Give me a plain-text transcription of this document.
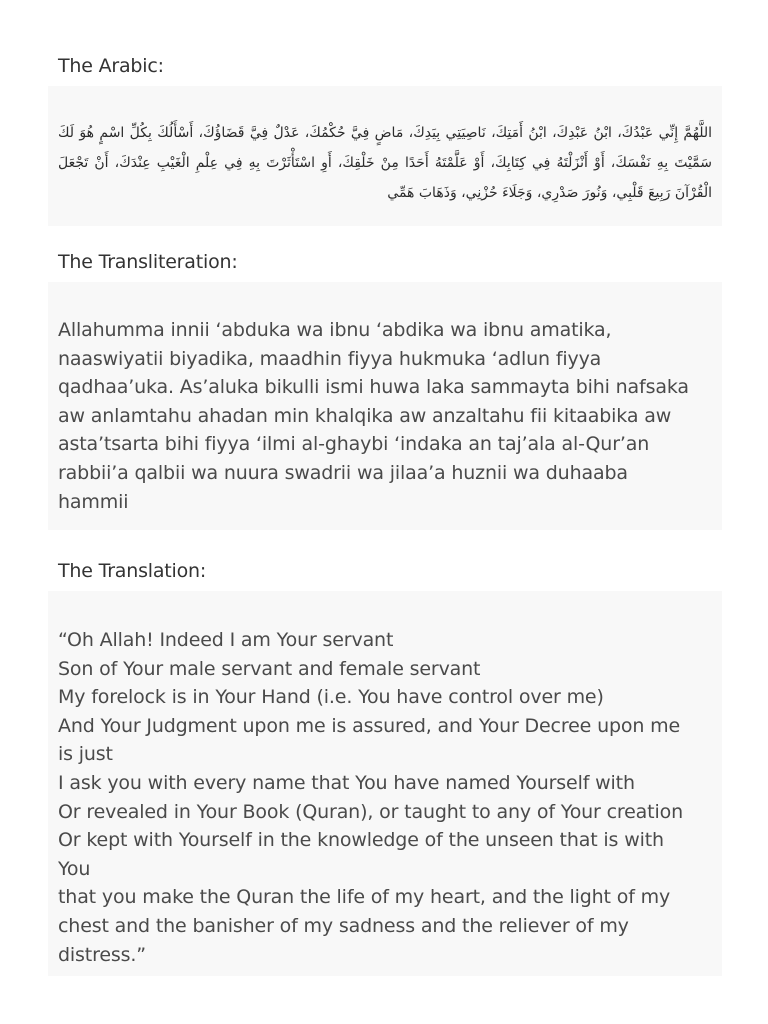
The Arabic:

اللَّهُمَّ إِنِّي عَبْدُكَ، ابْنُ عَبْدِكَ، ابْنُ أَمَتِكَ، نَاصِيَتِي بِيَدِكَ، مَاضٍ فِيَّ حُكْمُكَ، عَدْلٌ فِيَّ قَضَاؤُكَ، أَسْأَلُكَ بِكُلِّ اسْمٍ هُوَ لَكَ سَمَّيْتَ بِهِ نَفْسَكَ، أَوْ أَنْزَلْتَهُ فِي كِتَابِكَ، أَوْ عَلَّمْتَهُ أَحَدًا مِنْ خَلْقِكَ، أَوِ اسْتَأْثَرْتَ بِهِ فِي عِلْمِ الْغَيْبِ عِنْدَكَ، أَنْ تَجْعَلَ الْقُرْآنَ رَبِيعَ قَلْبِي، وَنُورَ صَدْرِي، وَجَلَاءَ حُزْنِي، وَذَهَابَ هَمِّي

The Transliteration:

Allahumma innii ‘abduka wa ibnu ‘abdika wa ibnu amatika,
naaswiyatii biyadika, maadhin fiyya hukmuka ‘adlun fiyya
qadhaa’uka. As’aluka bikulli ismi huwa laka sammayta bihi nafsaka
aw anlamtahu ahadan min khalqika aw anzaltahu fii kitaabika aw
asta’tsarta bihi fiyya ‘ilmi al-ghaybi ‘indaka an taj’ala al-Qur’an
rabbii’a qalbii wa nuura swadrii wa jilaa’a huznii wa duhaaba
hammii

The Translation:

“Oh Allah! Indeed I am Your servant
Son of Your male servant and female servant
My forelock is in Your Hand (i.e. You have control over me)
And Your Judgment upon me is assured, and Your Decree upon me
is just
I ask you with every name that You have named Yourself with
Or revealed in Your Book (Quran), or taught to any of Your creation
Or kept with Yourself in the knowledge of the unseen that is with
You
that you make the Quran the life of my heart, and the light of my
chest and the banisher of my sadness and the reliever of my
distress.”
